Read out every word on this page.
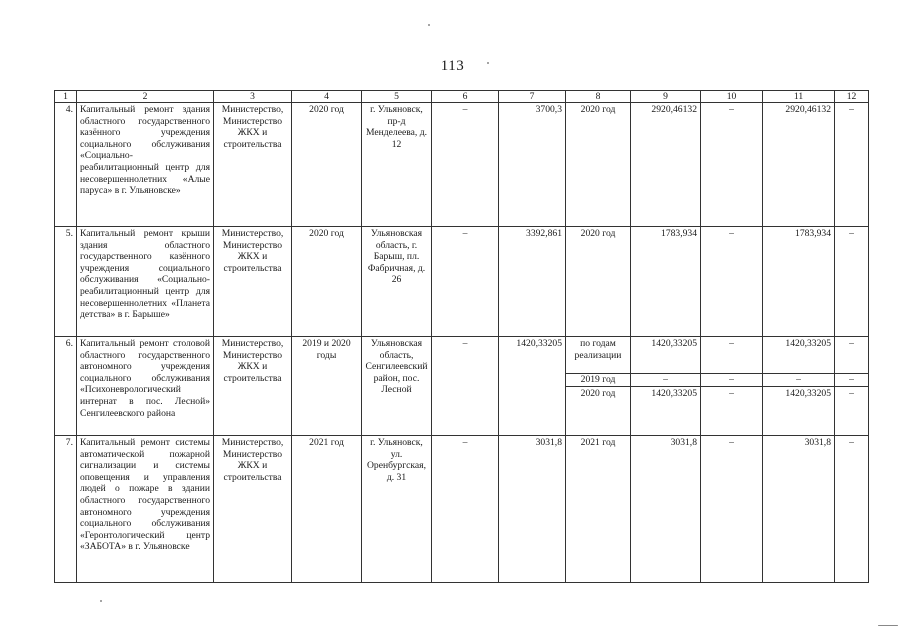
113
1	2	3	4	5	6	7	8	9	10	11	12
4.	Капитальный ремонт здания областного государственного казённого учреждения социального обслуживания «Социально-реабилитационный центр для несовершеннолетних «Алые паруса» в г. Ульяновске»	Министерство, Министерство ЖКХ и строительства	2020 год	г. Ульяновск, пр-д Менделеева, д. 12	–	3700,3	2020 год	2920,46132	–	2920,46132	–
5.	Капитальный ремонт крыши здания областного государственного казённого учреждения социального обслуживания «Социально-реабилитационный центр для несовершеннолетних «Планета детства» в г. Барыше»	Министерство, Министерство ЖКХ и строительства	2020 год	Ульяновская область, г. Барыш, пл. Фабричная, д. 26	–	3392,861	2020 год	1783,934	–	1783,934	–
6.	Капитальный ремонт столовой областного государственного автономного учреждения социального обслуживания «Психоневрологический интернат в пос. Лесной» Сенгилеевского района	Министерство, Министерство ЖКХ и строительства	2019 и 2020 годы	Ульяновская область, Сенгилеевский район, пос. Лесной	–	1420,33205	по годам реализации	1420,33205	–	1420,33205	–
							2019 год	–	–	–	–
							2020 год	1420,33205	–	1420,33205	–
7.	Капитальный ремонт системы автоматической пожарной сигнализации и системы оповещения и управления людей о пожаре в здании областного государственного автономного учреждения социального обслуживания «Геронтологический центр «ЗАБОТА» в г. Ульяновске	Министерство, Министерство ЖКХ и строительства	2021 год	г. Ульяновск, ул. Оренбургская, д. 31	–	3031,8	2021 год	3031,8	–	3031,8	–
